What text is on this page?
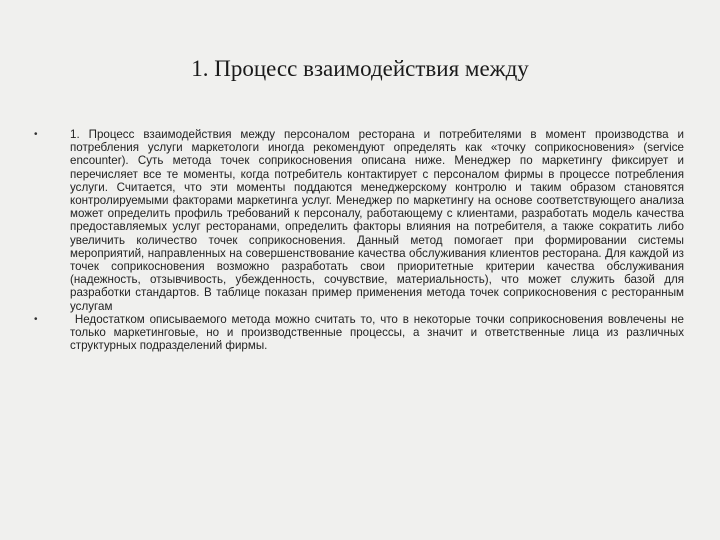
1. Процесс взаимодействия между
•	1. Процесс взаимодействия между персоналом ресторана и потребителями в момент производства и потребления услуги маркетологи иногда рекомендуют определять как «точку соприкосновения» (service encounter). Суть метода точек соприкосновения описана ниже. Менеджер по маркетингу фиксирует и перечисляет все те моменты, когда потребитель контактирует с персоналом фирмы в процессе потребления услуги. Считается, что эти моменты поддаются менеджерскому контролю и таким образом становятся контролируемыми факторами маркетинга услуг. Менеджер по маркетингу на основе соответствующего анализа может определить профиль требований к персоналу, работающему с клиентами, разработать модель качества предоставляемых услуг ресторанами, определить факторы влияния на потребителя, а также сократить либо увеличить количество точек соприкосновения. Данный метод помогает при формировании системы мероприятий, направленных на совершенствование качества обслуживания клиентов ресторана. Для каждой из точек соприкосновения возможно разработать свои приоритетные критерии качества обслуживания (надежность, отзывчивость, убежденность, сочувствие, материальность), что может служить базой для разработки стандартов. В таблице показан пример применения метода точек соприкосновения с ресторанным услугам
•	Недостатком описываемого метода можно считать то, что в некоторые точки соприкосновения вовлечены не только маркетинговые, но и производственные процессы, а значит и ответственные лица из различных структурных подразделений фирмы.
